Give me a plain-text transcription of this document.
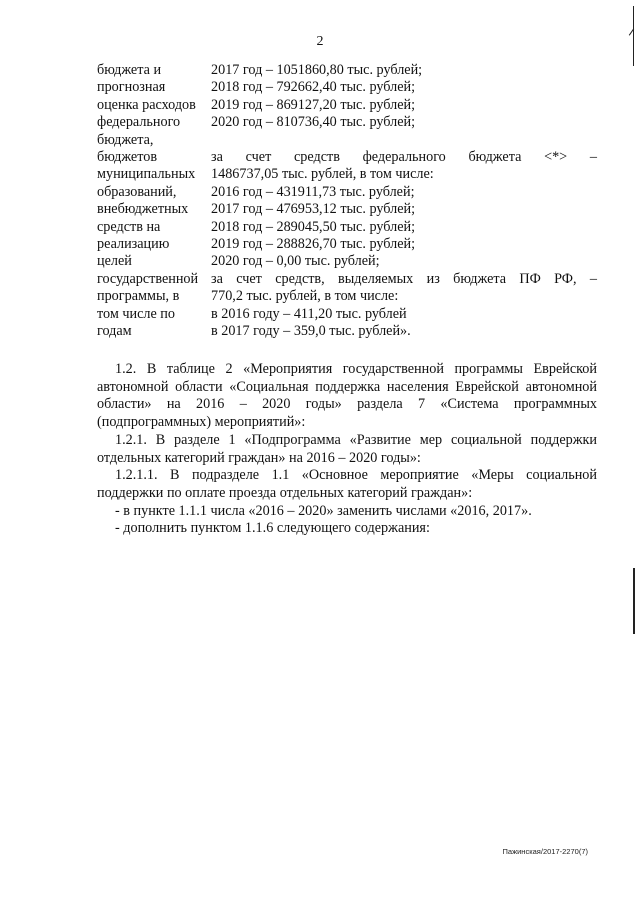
2
бюджета и	2017 год – 1051860,80 тыс. рублей;
прогнозная	2018 год – 792662,40 тыс. рублей;
оценка расходов	2019 год – 869127,20 тыс. рублей;
федерального	2020 год – 810736,40 тыс. рублей;
бюджета,	
бюджетов	за счет средств федерального бюджета <*> –
муниципальных	1486737,05 тыс. рублей, в том числе:
образований,	2016 год – 431911,73 тыс. рублей;
внебюджетных	2017 год – 476953,12 тыс. рублей;
средств на	2018 год – 289045,50 тыс. рублей;
реализацию	2019 год – 288826,70 тыс. рублей;
целей	2020 год – 0,00 тыс. рублей;
государственной	за счет средств, выделяемых из бюджета ПФ РФ, –
программы, в	770,2 тыс. рублей, в том числе:
том числе по	в 2016 году – 411,20 тыс. рублей
годам	в 2017 году – 359,0 тыс. рублей».

1.2. В таблице 2 «Мероприятия государственной программы Еврейской автономной области «Социальная поддержка населения Еврейской автономной области» на 2016 – 2020 годы» раздела 7 «Система программных (подпрограммных) мероприятий»:

1.2.1. В разделе 1 «Подпрограмма «Развитие мер социальной поддержки отдельных категорий граждан» на 2016 – 2020 годы»:

1.2.1.1. В подразделе 1.1 «Основное мероприятие «Меры социальной поддержки по оплате проезда отдельных категорий граждан»:

- в пункте 1.1.1 числа «2016 – 2020» заменить числами «2016, 2017».

- дополнить пунктом 1.1.6 следующего содержания:

Пажинская/2017-2270(7)
